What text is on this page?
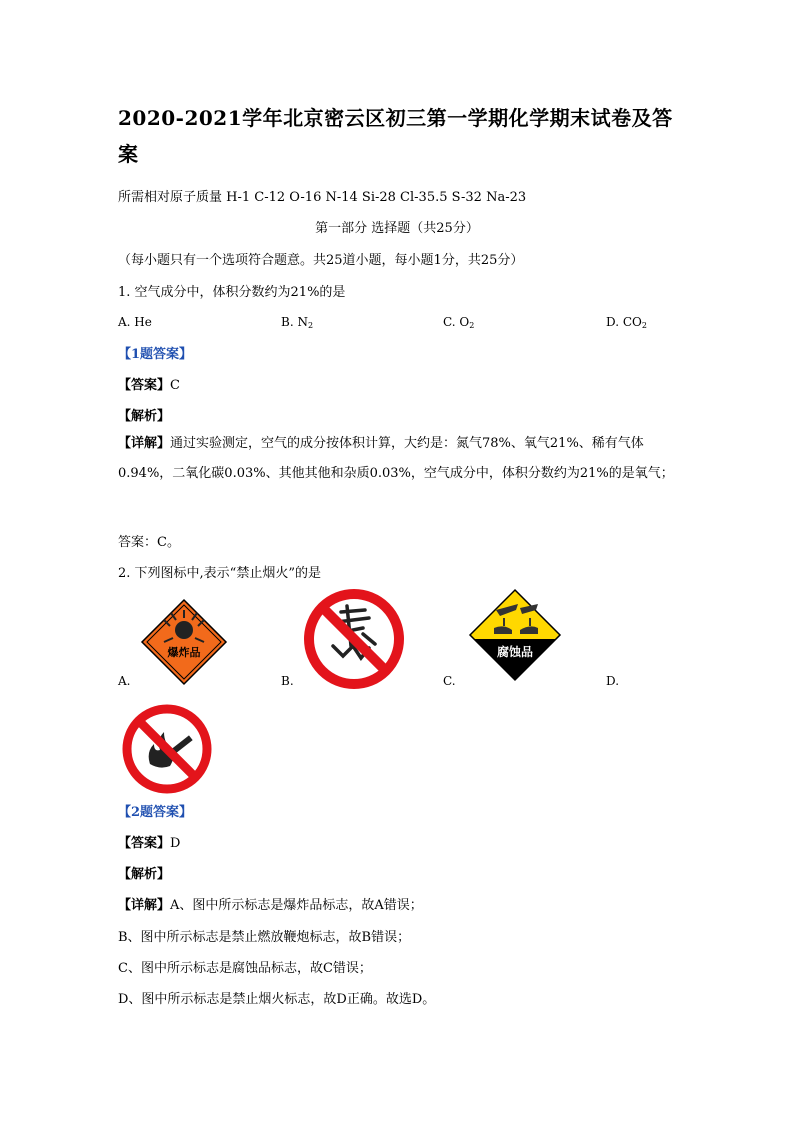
2020-2021学年北京密云区初三第一学期化学期末试卷及答案
所需相对原子质量 H-1 C-12 O-16 N-14 Si-28 Cl-35.5 S-32 Na-23
第一部分 选择题（共25分）
（每小题只有一个选项符合题意。共25道小题，每小题1分，共25分）
1. 空气成分中，体积分数约为21%的是
A. He	B. $N_2$	C. $O_2$	D. $CO_2$
【1题答案】
【答案】C
【解析】
【详解】通过实验测定，空气的成分按体积计算，大约是：氮气78%、氧气21%、稀有气体0.94%，二氧化碳0.03%、其他其他和杂质0.03%，空气成分中，体积分数约为21%的是氧气；
答案：C。
2. 下列图标中,表示“禁止烟火”的是
爆炸品	腐蚀品
A.	B.	C.	D.
【2题答案】
【答案】D
【解析】
【详解】A、图中所示标志是爆炸品标志，故A错误；
B、图中所示标志是禁止燃放鞭炮标志，故B错误；
C、图中所示标志是腐蚀品标志，故C错误；
D、图中所示标志是禁止烟火标志，故D正确。故选D。
